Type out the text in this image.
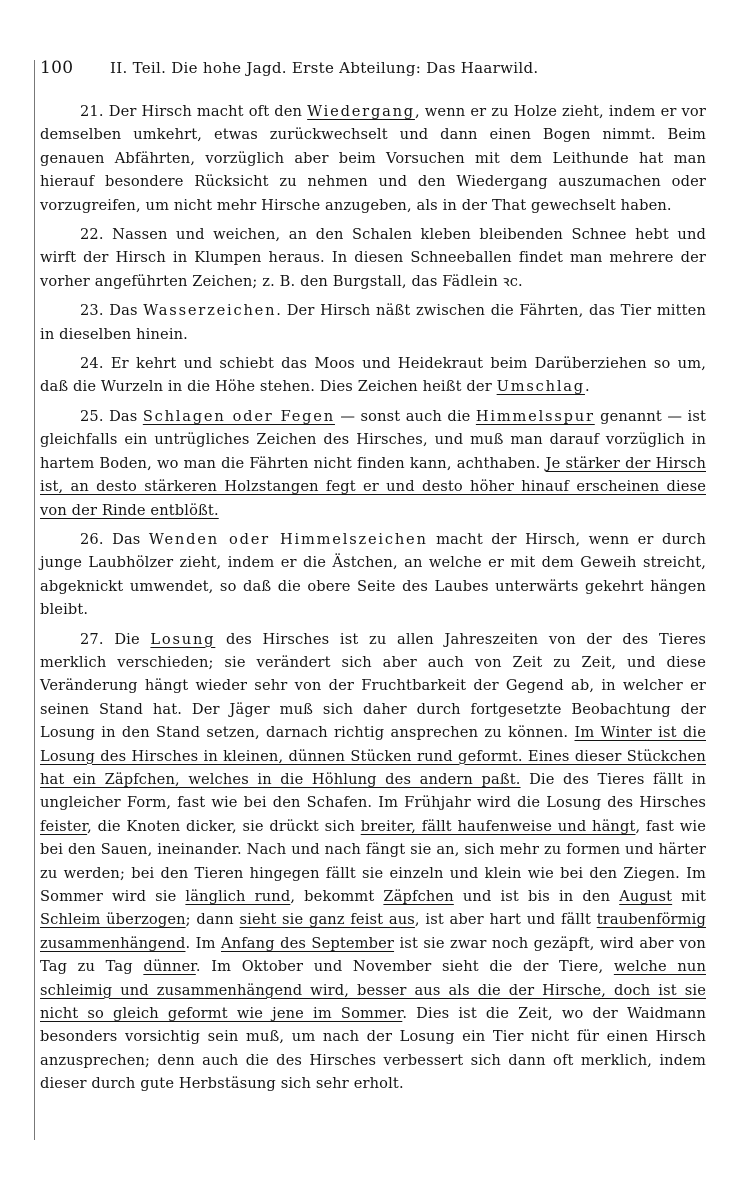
100	II. Teil. Die hohe Jagd. Erste Abteilung: Das Haarwild.

21. Der Hirsch macht oft den Wiedergang, wenn er zu Holze zieht, indem er vor demselben umkehrt, etwas zurückwechselt und dann einen Bogen nimmt. Beim genauen Abfährten, vorzüglich aber beim Vorsuchen mit dem Leithunde hat man hierauf besondere Rücksicht zu nehmen und den Wiedergang auszumachen oder vorzugreifen, um nicht mehr Hirsche anzugeben, als in der That gewechselt haben.

22. Nassen und weichen, an den Schalen kleben bleibenden Schnee hebt und wirft der Hirsch in Klumpen heraus. In diesen Schneeballen findet man mehrere der vorher angeführten Zeichen; z. B. den Burgstall, das Fädlein ꝛc.

23. Das Wasserzeichen. Der Hirsch näßt zwischen die Fährten, das Tier mitten in dieselben hinein.

24. Er kehrt und schiebt das Moos und Heidekraut beim Darüberziehen so um, daß die Wurzeln in die Höhe stehen. Dies Zeichen heißt der Umschlag.

25. Das Schlagen oder Fegen — sonst auch die Himmelsspur genannt — ist gleichfalls ein untrügliches Zeichen des Hirsches, und muß man darauf vorzüglich in hartem Boden, wo man die Fährten nicht finden kann, achthaben. Je stärker der Hirsch ist, an desto stärkeren Holzstangen fegt er und desto höher hinauf erscheinen diese von der Rinde entblößt.

26. Das Wenden oder Himmelszeichen macht der Hirsch, wenn er durch junge Laubhölzer zieht, indem er die Ästchen, an welche er mit dem Geweih streicht, abgeknickt umwendet, so daß die obere Seite des Laubes unterwärts gekehrt hängen bleibt.

27. Die Losung des Hirsches ist zu allen Jahreszeiten von der des Tieres merklich verschieden; sie verändert sich aber auch von Zeit zu Zeit, und diese Veränderung hängt wieder sehr von der Fruchtbarkeit der Gegend ab, in welcher er seinen Stand hat. Der Jäger muß sich daher durch fortgesetzte Beobachtung der Losung in den Stand setzen, darnach richtig ansprechen zu können. Im Winter ist die Losung des Hirsches in kleinen, dünnen Stücken rund geformt. Eines dieser Stückchen hat ein Zäpfchen, welches in die Höhlung des andern paßt. Die des Tieres fällt in ungleicher Form, fast wie bei den Schafen. Im Frühjahr wird die Losung des Hirsches feister, die Knoten dicker, sie drückt sich breiter, fällt haufenweise und hängt, fast wie bei den Sauen, ineinander. Nach und nach fängt sie an, sich mehr zu formen und härter zu werden; bei den Tieren hingegen fällt sie einzeln und klein wie bei den Ziegen. Im Sommer wird sie länglich rund, bekommt Zäpfchen und ist bis in den August mit Schleim überzogen; dann sieht sie ganz feist aus, ist aber hart und fällt traubenförmig zusammenhängend. Im Anfang des September ist sie zwar noch gezäpft, wird aber von Tag zu Tag dünner. Im Oktober und November sieht die der Tiere, welche nun schleimig und zusammenhängend wird, besser aus als die der Hirsche, doch ist sie nicht so gleich geformt wie jene im Sommer. Dies ist die Zeit, wo der Waidmann besonders vorsichtig sein muß, um nach der Losung ein Tier nicht für einen Hirsch anzusprechen; denn auch die des Hirsches verbessert sich dann oft merklich, indem dieser durch gute Herbstäsung sich sehr erholt.
